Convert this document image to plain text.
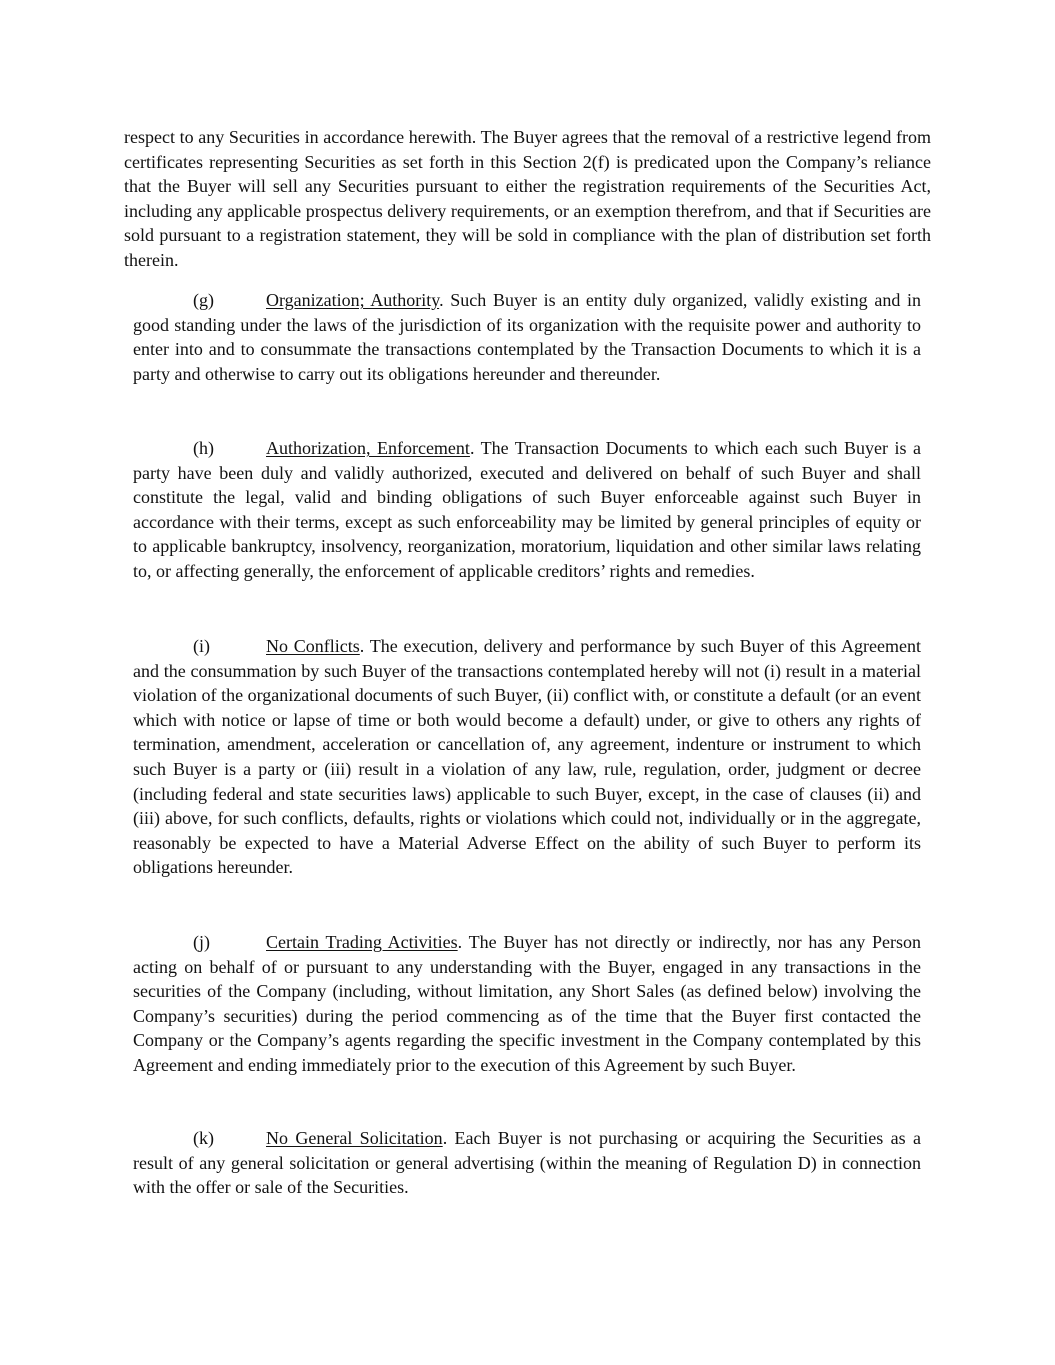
respect to any Securities in accordance herewith. The Buyer agrees that the removal of a restrictive legend from certificates representing Securities as set forth in this Section 2(f) is predicated upon the Company’s reliance that the Buyer will sell any Securities pursuant to either the registration requirements of the Securities Act, including any applicable prospectus delivery requirements, or an exemption therefrom, and that if Securities are sold pursuant to a registration statement, they will be sold in compliance with the plan of distribution set forth therein.

(g)	Organization; Authority. Such Buyer is an entity duly organized, validly existing and in good standing under the laws of the jurisdiction of its organization with the requisite power and authority to enter into and to consummate the transactions contemplated by the Transaction Documents to which it is a party and otherwise to carry out its obligations hereunder and thereunder.

(h)	Authorization, Enforcement. The Transaction Documents to which each such Buyer is a party have been duly and validly authorized, executed and delivered on behalf of such Buyer and shall constitute the legal, valid and binding obligations of such Buyer enforceable against such Buyer in accordance with their terms, except as such enforceability may be limited by general principles of equity or to applicable bankruptcy, insolvency, reorganization, moratorium, liquidation and other similar laws relating to, or affecting generally, the enforcement of applicable creditors’ rights and remedies.

(i)	No Conflicts. The execution, delivery and performance by such Buyer of this Agreement and the consummation by such Buyer of the transactions contemplated hereby will not (i) result in a material violation of the organizational documents of such Buyer, (ii) conflict with, or constitute a default (or an event which with notice or lapse of time or both would become a default) under, or give to others any rights of termination, amendment, acceleration or cancellation of, any agreement, indenture or instrument to which such Buyer is a party or (iii) result in a violation of any law, rule, regulation, order, judgment or decree (including federal and state securities laws) applicable to such Buyer, except, in the case of clauses (ii) and (iii) above, for such conflicts, defaults, rights or violations which could not, individually or in the aggregate, reasonably be expected to have a Material Adverse Effect on the ability of such Buyer to perform its obligations hereunder.

(j)	Certain Trading Activities. The Buyer has not directly or indirectly, nor has any Person acting on behalf of or pursuant to any understanding with the Buyer, engaged in any transactions in the securities of the Company (including, without limitation, any Short Sales (as defined below) involving the Company’s securities) during the period commencing as of the time that the Buyer first contacted the Company or the Company’s agents regarding the specific investment in the Company contemplated by this Agreement and ending immediately prior to the execution of this Agreement by such Buyer.

(k)	No General Solicitation. Each Buyer is not purchasing or acquiring the Securities as a result of any general solicitation or general advertising (within the meaning of Regulation D) in connection with the offer or sale of the Securities.
